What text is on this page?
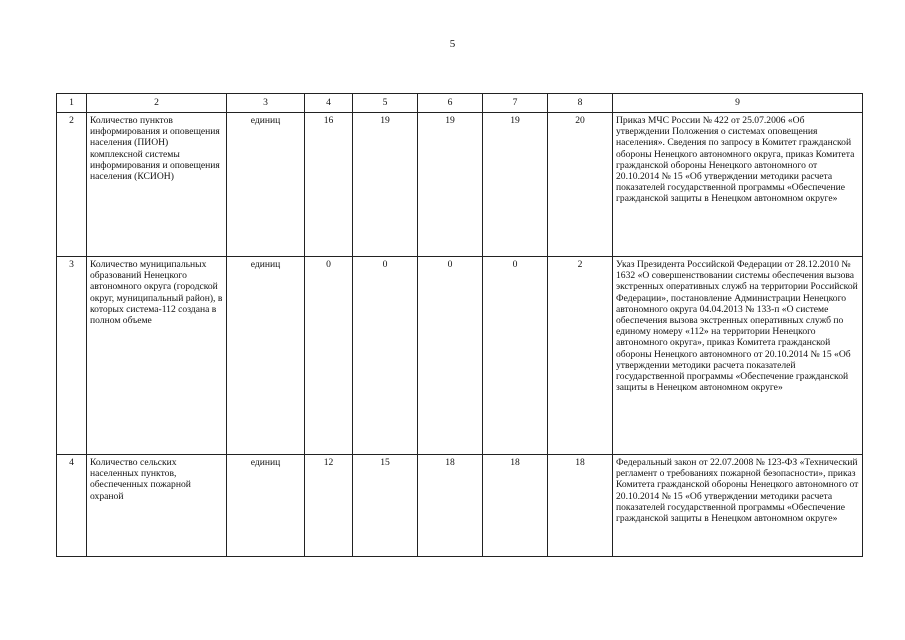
5
1	2	3	4	5	6	7	8	9
2	Количество пунктов информирования и оповещения населения (ПИОН) комплексной системы информирования и оповещения населения (КСИОН)	единиц	16	19	19	19	20	Приказ МЧС России № 422 от 25.07.2006 «Об утверждении Положения о системах оповещения населения». Сведения по запросу в Комитет гражданской обороны Ненецкого автономного округа, приказ Комитета гражданской обороны Ненецкого автономного от 20.10.2014 № 15 «Об утверждении методики расчета показателей государственной программы «Обеспечение гражданской защиты в Ненецком автономном округе»
3	Количество муниципальных образований Ненецкого автономного округа (городской округ, муниципальный район), в которых система-112 создана в полном объеме	единиц	0	0	0	0	2	Указ Президента Российской Федерации от 28.12.2010 № 1632 «О совершенствовании системы обеспечения вызова экстренных оперативных служб на территории Российской Федерации», постановление Администрации Ненецкого автономного округа 04.04.2013 № 133-п «О системе обеспечения вызова экстренных оперативных служб по единому номеру «112» на территории Ненецкого автономного округа», приказ Комитета гражданской обороны Ненецкого автономного от 20.10.2014 № 15 «Об утверждении методики расчета показателей государственной программы «Обеспечение гражданской защиты в Ненецком автономном округе»
4	Количество сельских населенных пунктов, обеспеченных пожарной охраной	единиц	12	15	18	18	18	Федеральный закон от 22.07.2008 № 123-ФЗ «Технический регламент о требованиях пожарной безопасности», приказ Комитета гражданской обороны Ненецкого автономного от 20.10.2014 № 15 «Об утверждении методики расчета показателей государственной программы «Обеспечение гражданской защиты в Ненецком автономном округе»
